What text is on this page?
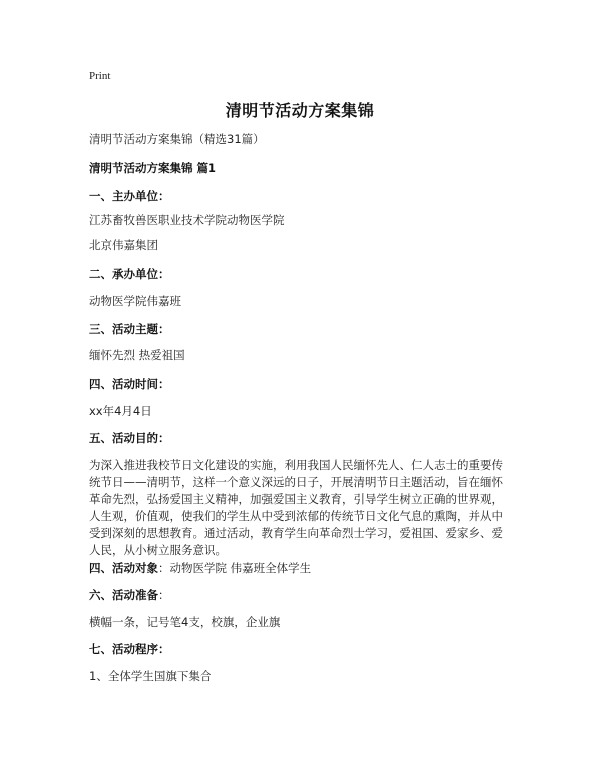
Print
清明节活动方案集锦
清明节活动方案集锦（精选31篇）
清明节活动方案集锦 篇1
一、主办单位：
江苏畜牧兽医职业技术学院动物医学院
北京伟嘉集团
二、承办单位：
动物医学院伟嘉班
三、活动主题：
缅怀先烈 热爱祖国
四、活动时间：
xx年4月4日
五、活动目的：
为深入推进我校节日文化建设的实施，利用我国人民缅怀先人、仁人志士的重要传
统节日——清明节，这样一个意义深远的日子，开展清明节日主题活动，旨在缅怀
革命先烈，弘扬爱国主义精神，加强爱国主义教育，引导学生树立正确的世界观，
人生观，价值观，使我们的学生从中受到浓郁的传统节日文化气息的熏陶，并从中
受到深刻的思想教育。通过活动，教育学生向革命烈士学习，爱祖国、爱家乡、爱
人民，从小树立服务意识。
四、活动对象：动物医学院 伟嘉班全体学生
六、活动准备：
横幅一条，记号笔4支，校旗，企业旗
七、活动程序：
1、全体学生国旗下集合
